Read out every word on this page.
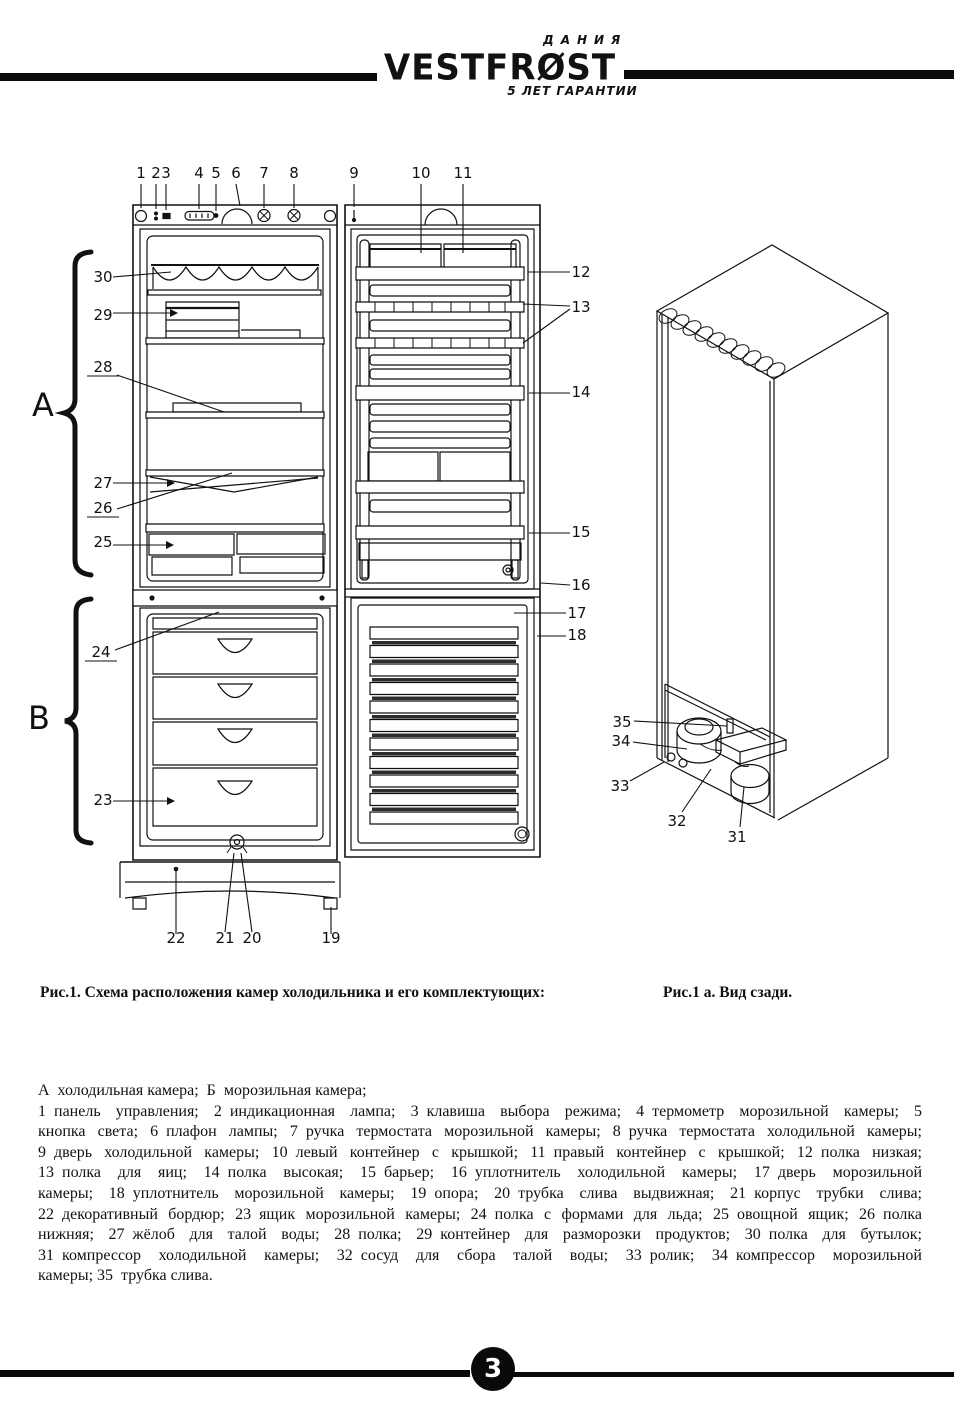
ДАНИЯ
VESTFRØST
5 ЛЕТ ГАРАНТИИ
1 2 3 4 5 6 7 8	9	10 11
12
13
14
15
16
17
18
30
29
28
27
26
25
24
23
22 21 20	19
35
34
33
32
31
A
B
Рис.1. Схема расположения камер холодильника и его комплектующих:	Рис.1 а. Вид сзади.
А холодильная камера;  Б морозильная камера;
1 панель управления; 2 индикационная лампа; 3 клавиша выбора режима; 4 термометр морозильной камеры; 5
кнопка света; 6 плафон лампы; 7 ручка термостата морозильной камеры; 8 ручка термостата холодильной камеры;
9 дверь холодильной камеры; 10 левый контейнер с крышкой; 11 правый контейнер с крышкой; 12 полка низкая;
13 полка для яиц; 14 полка высокая; 15 барьер; 16 уплотнитель холодильной камеры; 17 дверь морозильной
камеры; 18 уплотнитель морозильной камеры; 19 опора; 20 трубка слива выдвижная; 21 корпус трубки слива;
22 декоративный бордюр; 23 ящик морозильной камеры; 24 полка с формами для льда; 25 овощной ящик; 26 полка
нижняя; 27 жёлоб для талой воды; 28 полка; 29 контейнер для разморозки продуктов; 30 полка для бутылок;
31 компрессор холодильной камеры; 32 сосуд для сбора талой воды; 33 ролик; 34 компрессор морозильной
камеры; 35 трубка слива.
3
